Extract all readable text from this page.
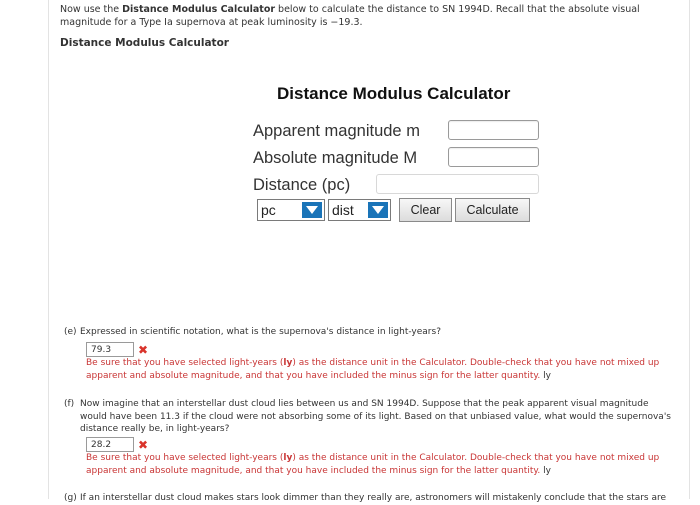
Now use the Distance Modulus Calculator below to calculate the distance to SN 1994D. Recall that the absolute visual magnitude for a Type Ia supernova at peak luminosity is −19.3.
Distance Modulus Calculator
Distance Modulus Calculator
Apparent magnitude m
Absolute magnitude M
Distance (pc)
pc	dist	Clear	Calculate
(e) Expressed in scientific notation, what is the supernova's distance in light-years?
79.3	✖
Be sure that you have selected light-years (ly) as the distance unit in the Calculator. Double-check that you have not mixed up apparent and absolute magnitude, and that you have included the minus sign for the latter quantity. ly
(f) Now imagine that an interstellar dust cloud lies between us and SN 1994D. Suppose that the peak apparent visual magnitude would have been 11.3 if the cloud were not absorbing some of its light. Based on that unbiased value, what would the supernova's distance really be, in light-years?
28.2	✖
Be sure that you have selected light-years (ly) as the distance unit in the Calculator. Double-check that you have not mixed up apparent and absolute magnitude, and that you have included the minus sign for the latter quantity. ly
(g) If an interstellar dust cloud makes stars look dimmer than they really are, astronomers will mistakenly conclude that the stars are
